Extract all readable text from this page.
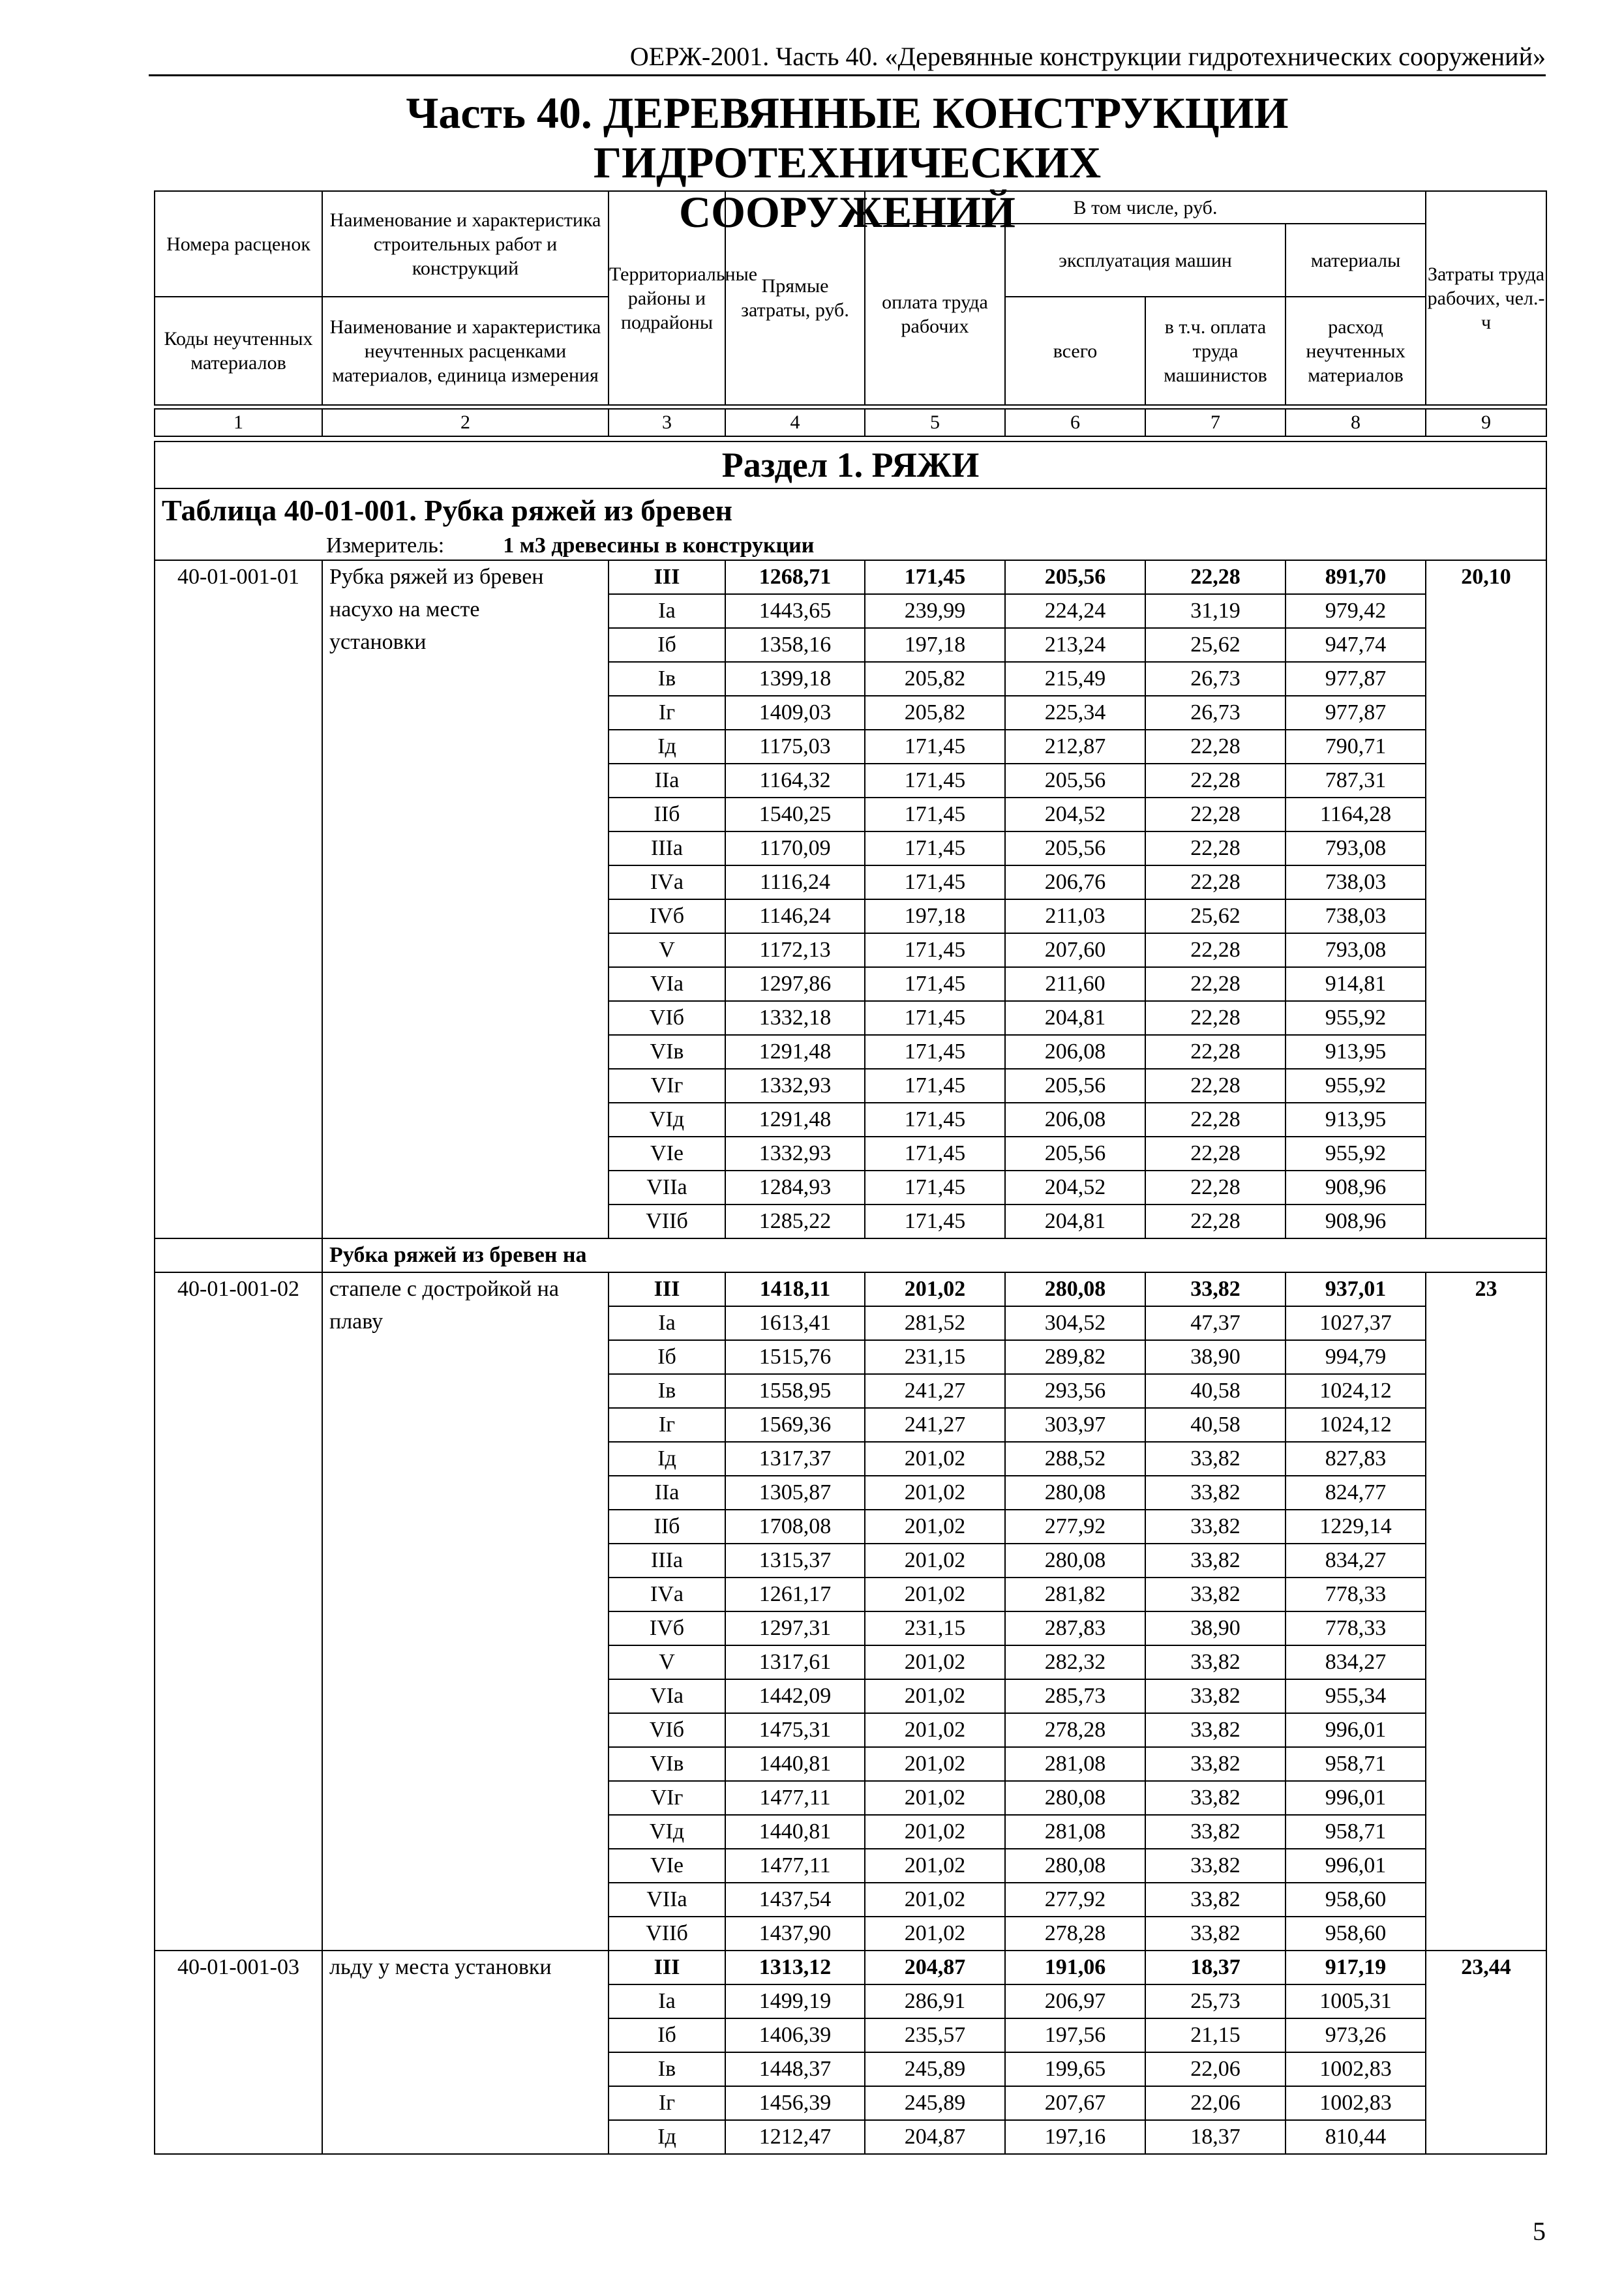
ОЕРЖ-2001. Часть 40. «Деревянные конструкции гидротехнических сооружений»
Часть 40. ДЕРЕВЯННЫЕ КОНСТРУКЦИИ ГИДРОТЕХНИЧЕСКИХ
СООРУЖЕНИЙ
Номера расценок	Наименование и характеристика строительных работ и конструкций	Территориальные районы и подрайоны	Прямые затраты, руб.	В том числе, руб.				Затраты труда рабочих, чел.-ч
				оплата труда рабочих	эксплуатация машин		материалы	
Коды неучтенных материалов	Наименование и характеристика неучтенных расценками материалов, единица измерения				всего	в т.ч. оплата труда машинистов	расход неучтенных материалов	

1	2	3	4	5	6	7	8	9
Раздел 1. РЯЖИ								

Таблица 40-01-001. Рубка ряжей из бревен
Измеритель: 1 м3 древесины в конструкции								

40-01-001-01	Рубка ряжей из бревен
насухо на месте
установки	III	1268,71	171,45	205,56	22,28	891,70	20,10
		Iа	1443,65	239,99	224,24	31,19	979,42	
		Iб	1358,16	197,18	213,24	25,62	947,74	
		Iв	1399,18	205,82	215,49	26,73	977,87	
		Iг	1409,03	205,82	225,34	26,73	977,87	
		Iд	1175,03	171,45	212,87	22,28	790,71	
		IIа	1164,32	171,45	205,56	22,28	787,31	
		IIб	1540,25	171,45	204,52	22,28	1164,28	
		IIIа	1170,09	171,45	205,56	22,28	793,08	
		IVа	1116,24	171,45	206,76	22,28	738,03	
		IVб	1146,24	197,18	211,03	25,62	738,03	
		V	1172,13	171,45	207,60	22,28	793,08	
		VIа	1297,86	171,45	211,60	22,28	914,81	
		VIб	1332,18	171,45	204,81	22,28	955,92	
		VIв	1291,48	171,45	206,08	22,28	913,95	
		VIг	1332,93	171,45	205,56	22,28	955,92	
		VIд	1291,48	171,45	206,08	22,28	913,95	
		VIе	1332,93	171,45	205,56	22,28	955,92	
		VIIа	1284,93	171,45	204,52	22,28	908,96	
		VIIб	1285,22	171,45	204,81	22,28	908,96	
	Рубка ряжей из бревен на							
40-01-001-02	стапеле с достройкой на
плаву	III	1418,11	201,02	280,08	33,82	937,01	23
		Iа	1613,41	281,52	304,52	47,37	1027,37	
		Iб	1515,76	231,15	289,82	38,90	994,79	
		Iв	1558,95	241,27	293,56	40,58	1024,12	
		Iг	1569,36	241,27	303,97	40,58	1024,12	
		Iд	1317,37	201,02	288,52	33,82	827,83	
		IIа	1305,87	201,02	280,08	33,82	824,77	
		IIб	1708,08	201,02	277,92	33,82	1229,14	
		IIIа	1315,37	201,02	280,08	33,82	834,27	
		IVа	1261,17	201,02	281,82	33,82	778,33	
		IVб	1297,31	231,15	287,83	38,90	778,33	
		V	1317,61	201,02	282,32	33,82	834,27	
		VIа	1442,09	201,02	285,73	33,82	955,34	
		VIб	1475,31	201,02	278,28	33,82	996,01	
		VIв	1440,81	201,02	281,08	33,82	958,71	
		VIг	1477,11	201,02	280,08	33,82	996,01	
		VIд	1440,81	201,02	281,08	33,82	958,71	
		VIе	1477,11	201,02	280,08	33,82	996,01	
		VIIа	1437,54	201,02	277,92	33,82	958,60	
		VIIб	1437,90	201,02	278,28	33,82	958,60	
40-01-001-03	льду у места установки	III	1313,12	204,87	191,06	18,37	917,19	23,44
		Iа	1499,19	286,91	206,97	25,73	1005,31	
		Iб	1406,39	235,57	197,56	21,15	973,26	
		Iв	1448,37	245,89	199,65	22,06	1002,83	
		Iг	1456,39	245,89	207,67	22,06	1002,83	
		Iд	1212,47	204,87	197,16	18,37	810,44	
5
